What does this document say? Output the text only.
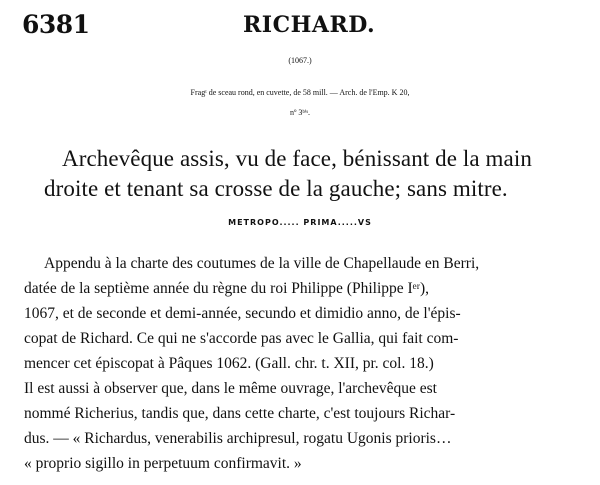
6381	RICHARD.
(1067.)
Fragᵗ de sceau rond, en cuvette, de 58 mill. — Arch. de l'Emp. K 20,
nº 3ᵇⁱˢ.
Archevêque assis, vu de face, bénissant de la main
droite et tenant sa crosse de la gauche; sans mitre.
METROPO..... PRIMA.....VS
Appendu à la charte des coutumes de la ville de Chapellaude en Berri,
datée de la septième année du règne du roi Philippe (Philippe Iᵉʳ),
1067, et de seconde et demi-année, secundo et dimidio anno, de l'épis-
copat de Richard. Ce qui ne s'accorde pas avec le Gallia, qui fait com-
mencer cet épiscopat à Pâques 1062. (Gall. chr. t. XII, pr. col. 18.)
Il est aussi à observer que, dans le même ouvrage, l'archevêque est
nommé Richerius, tandis que, dans cette charte, c'est toujours Richar-
dus. — « Richardus, venerabilis archipresul, rogatu Ugonis prioris…
« proprio sigillo in perpetuum confirmavit. »
